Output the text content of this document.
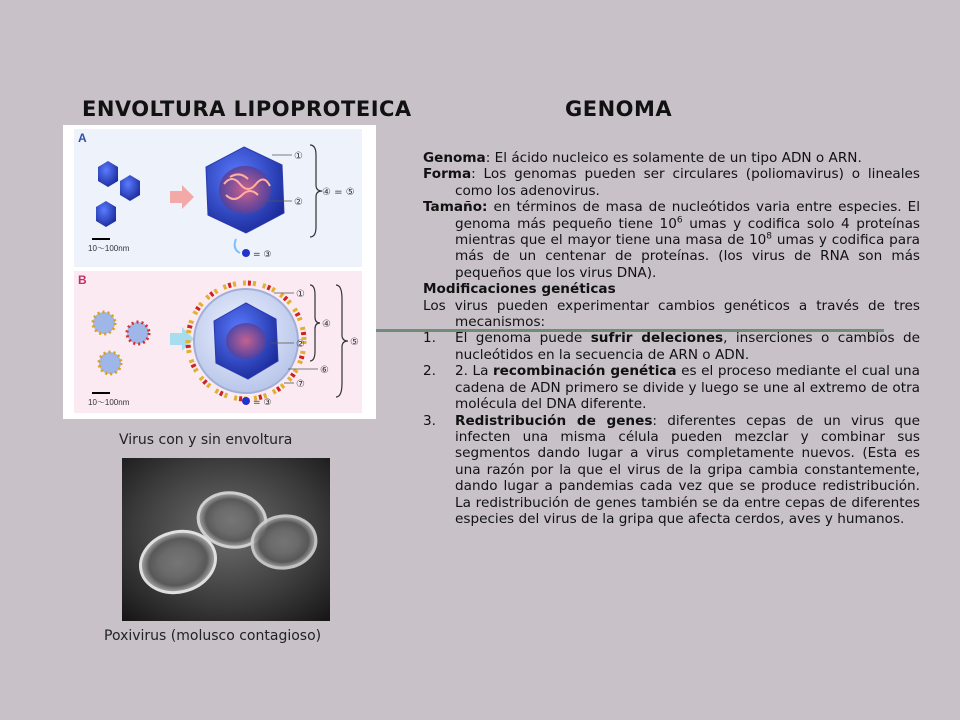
ENVOLTURA LIPOPROTEICA	GENOMA
A
10～100nm
= ③
①
②
④ = ⑤
B
10～100nm	= ③
①
②
⑥
⑦
④
⑤
Virus con y sin envoltura
Poxivirus (molusco contagioso)

Genoma: El ácido nucleico es solamente de un tipo ADN o ARN.

Forma: Los genomas pueden ser circulares (poliomavirus) o lineales como los adenovirus.

Tamaño: en términos de masa de nucleótidos varia entre especies. El genoma más pequeño tiene $10^6$ umas y codifica solo 4 proteínas mientras que el mayor tiene una masa de $10^8$ umas y codifica para más de un centenar de proteínas. (los virus de RNA son más pequeños que los virus DNA).

Modificaciones genéticas

Los virus pueden experimentar cambios genéticos a través de tres mecanismos:

1.	El genoma puede sufrir deleciones, inserciones o cambios de nucleótidos en la secuencia de ARN o ADN.

2.	2. La recombinación genética es el proceso mediante el cual una cadena de ADN primero se divide y luego se une al extremo de otra molécula del DNA diferente.

3.	Redistribución de genes: diferentes cepas de un virus que infecten una misma célula pueden mezclar y combinar sus segmentos dando lugar a virus completamente nuevos. (Esta es una razón por la que el virus de la gripa cambia constantemente, dando lugar a pandemias cada vez que se produce redistribución. La redistribución de genes también se da entre cepas de diferentes especies del virus de la gripa que afecta cerdos, aves y humanos.
